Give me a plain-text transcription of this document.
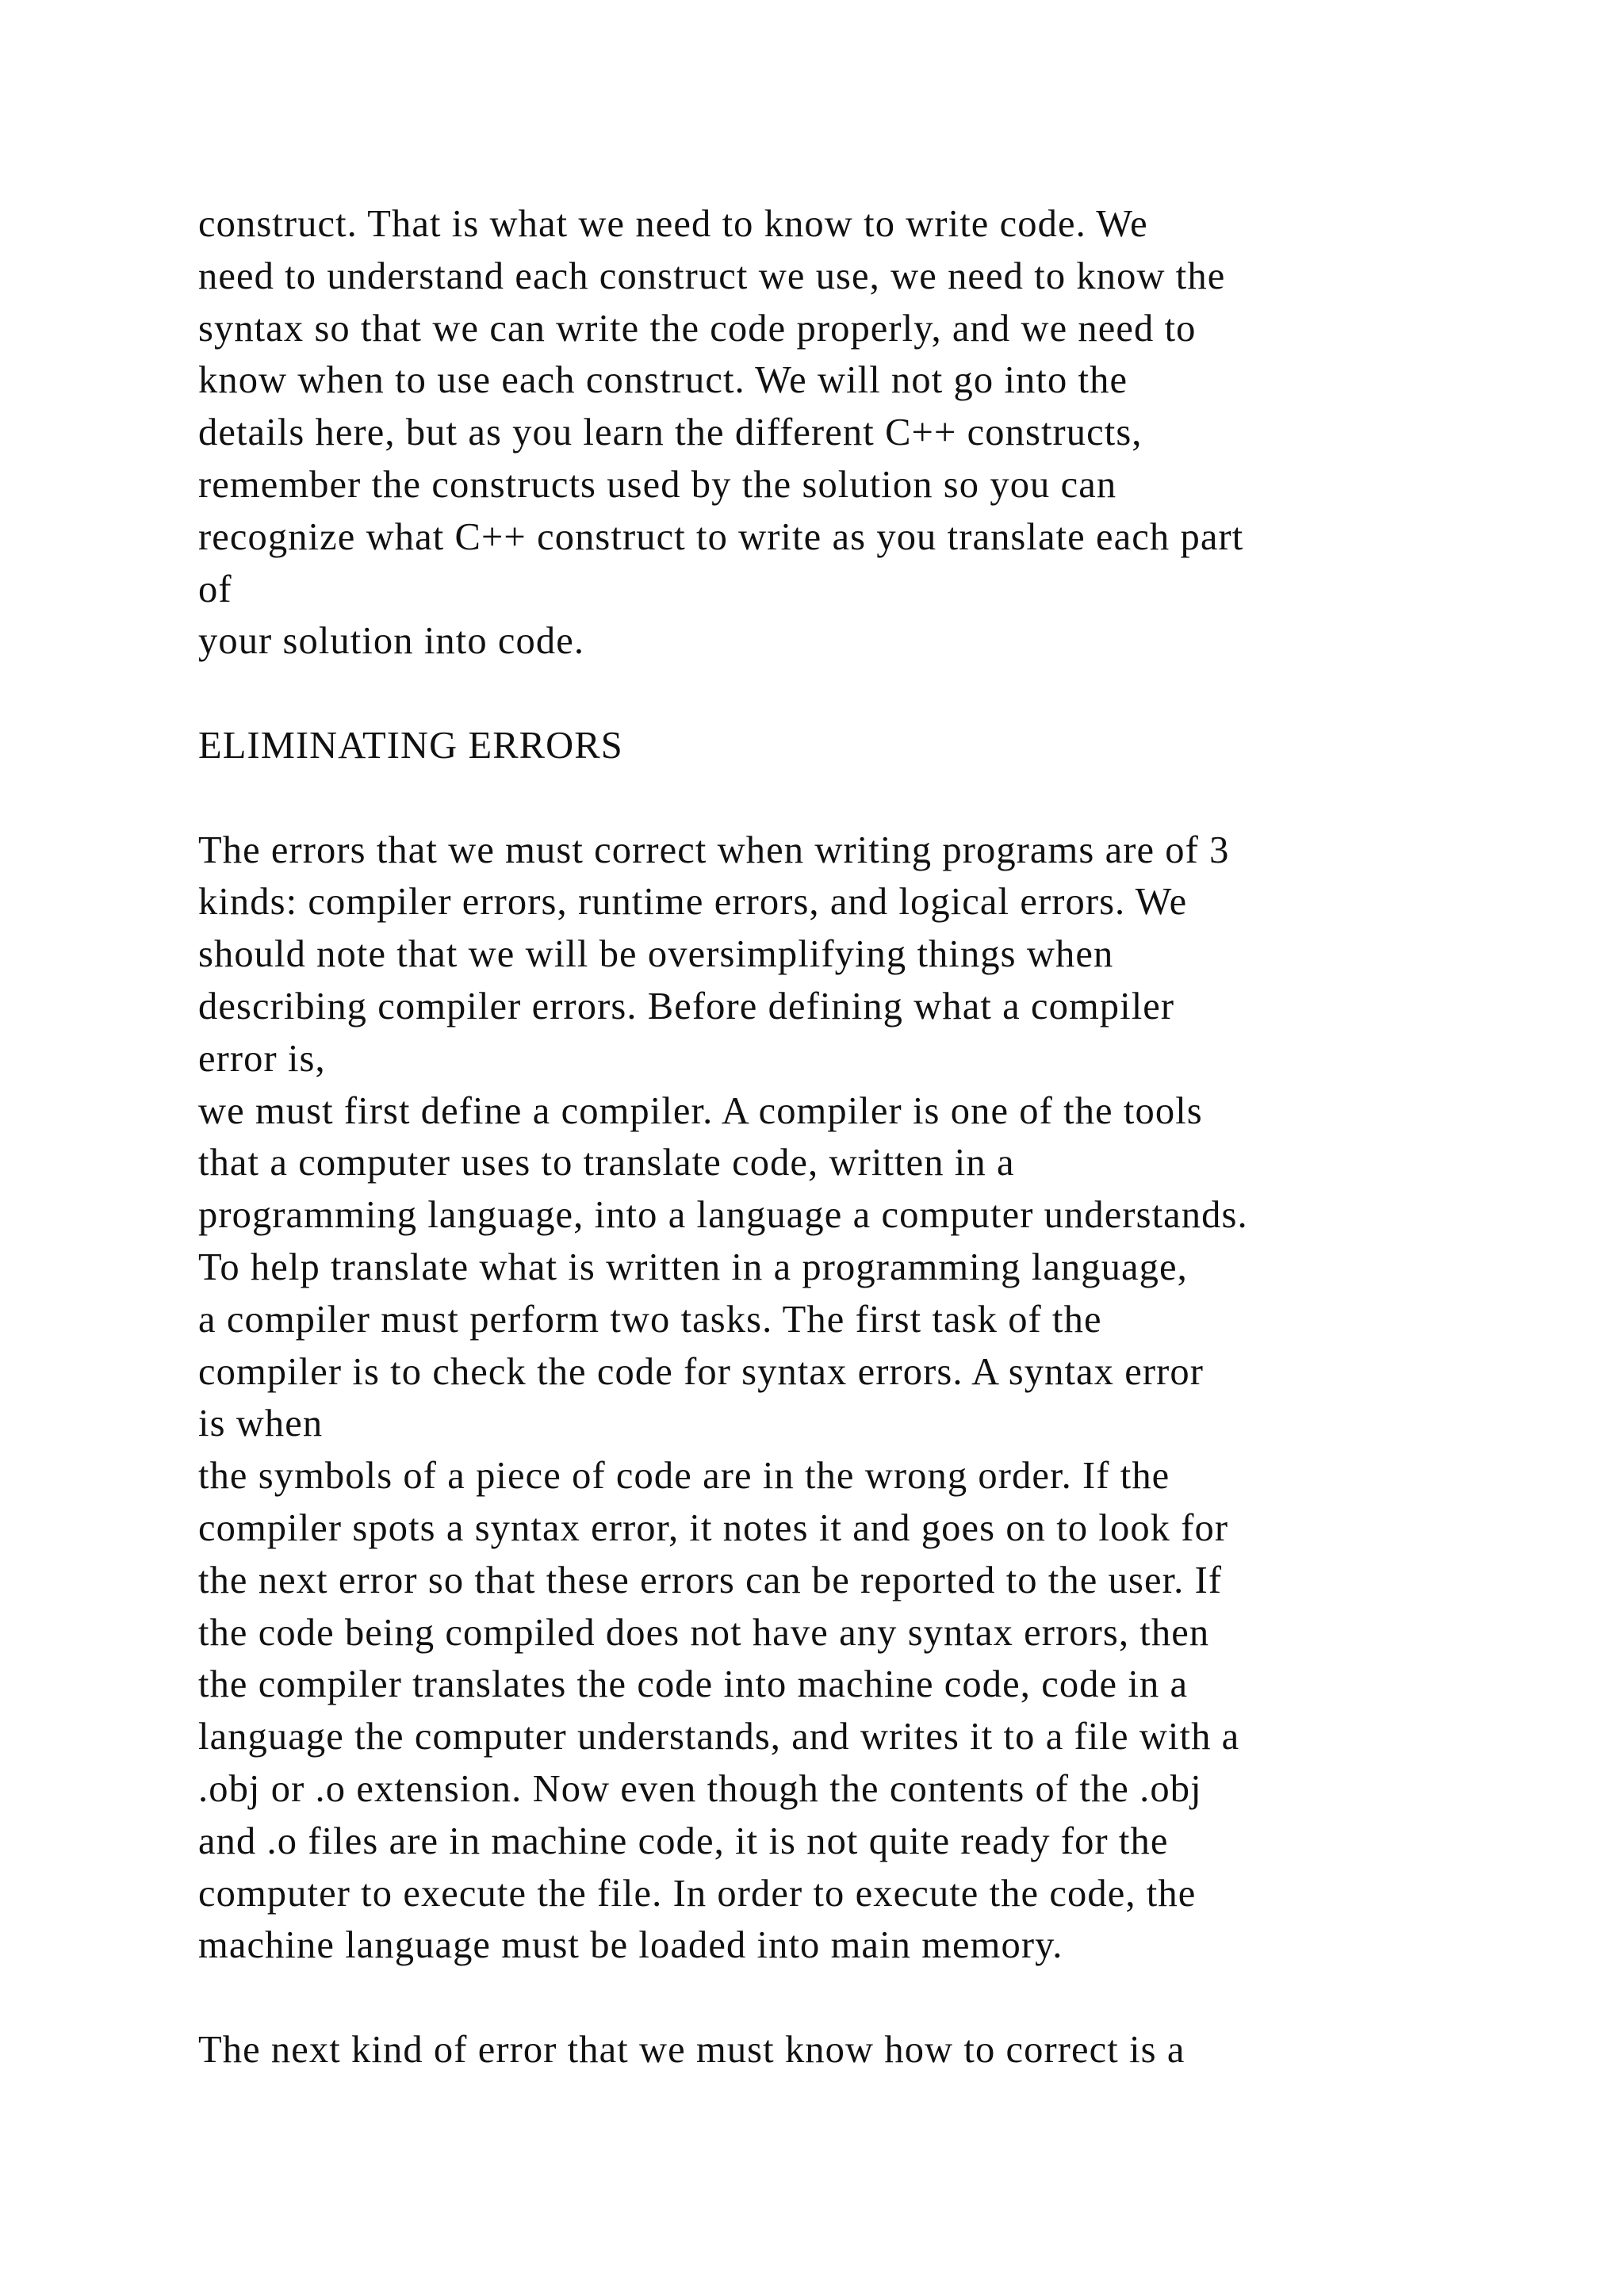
construct. That is what we need to know to write code. We
need to understand each construct we use, we need to know the
syntax so that we can write the code properly, and we need to
know when to use each construct. We will not go into the
details here, but as you learn the different C++ constructs,
remember the constructs used by the solution so you can
recognize what C++ construct to write as you translate each part
of
your solution into code.
ELIMINATING ERRORS
The errors that we must correct when writing programs are of 3
kinds: compiler errors, runtime errors, and logical errors. We
should note that we will be oversimplifying things when
describing compiler errors. Before defining what a compiler
error is,
we must first define a compiler. A compiler is one of the tools
that a computer uses to translate code, written in a
programming language, into a language a computer understands.
To help translate what is written in a programming language,
a compiler must perform two tasks. The first task of the
compiler is to check the code for syntax errors. A syntax error
is when
the symbols of a piece of code are in the wrong order. If the
compiler spots a syntax error, it notes it and goes on to look for
the next error so that these errors can be reported to the user. If
the code being compiled does not have any syntax errors, then
the compiler translates the code into machine code, code in a
language the computer understands, and writes it to a file with a
.obj or .o extension. Now even though the contents of the .obj
and .o files are in machine code, it is not quite ready for the
computer to execute the file. In order to execute the code, the
machine language must be loaded into main memory.
The next kind of error that we must know how to correct is a
